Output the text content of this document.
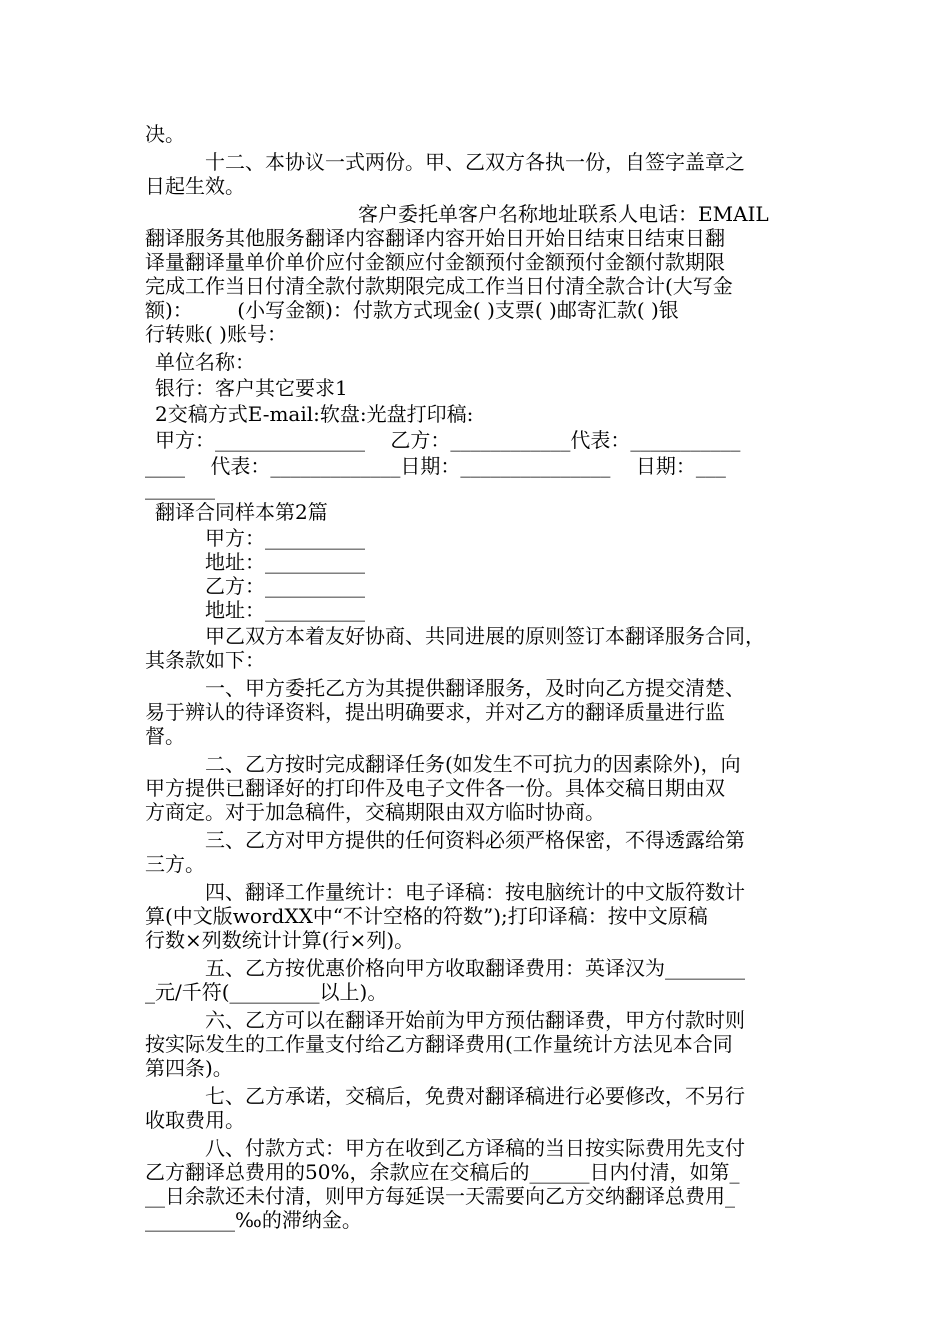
决。
十二、本协议一式两份。甲、乙双方各执一份，自签字盖章之
日起生效。
客户委托单客户名称地址联系人电话：EMAIL
翻译服务其他服务翻译内容翻译内容开始日开始日结束日结束日翻
译量翻译量单价单价应付金额应付金额预付金额预付金额付款期限
完成工作当日付清全款付款期限完成工作当日付清全款合计(大写金
额)：       (小写金额)：付款方式现金( )支票( )邮寄汇款( )银
行转账( )账号：
单位名称：
银行：客户其它要求1
2交稿方式E-mail:软盘:光盘打印稿:
甲方：_______________    乙方：____________代表：___________
____    代表：_____________日期：_______________    日期：___
_______
翻译合同样本第2篇
甲方：__________
地址：__________
乙方：__________
地址：__________
甲乙双方本着友好协商、共同进展的原则签订本翻译服务合同，
其条款如下：
一、甲方委托乙方为其提供翻译服务，及时向乙方提交清楚、
易于辨认的待译资料，提出明确要求，并对乙方的翻译质量进行监
督。
二、乙方按时完成翻译任务(如发生不可抗力的因素除外)，向
甲方提供已翻译好的打印件及电子文件各一份。具体交稿日期由双
方商定。对于加急稿件，交稿期限由双方临时协商。
三、乙方对甲方提供的任何资料必须严格保密，不得透露给第
三方。
四、翻译工作量统计：电子译稿：按电脑统计的中文版符数计
算(中文版wordXX中“不计空格的符数”);打印译稿：按中文原稿
行数×列数统计计算(行×列)。
五、乙方按优惠价格向甲方收取翻译费用：英译汉为________
_元/千符(_________以上)。
六、乙方可以在翻译开始前为甲方预估翻译费，甲方付款时则
按实际发生的工作量支付给乙方翻译费用(工作量统计方法见本合同
第四条)。
七、乙方承诺，交稿后，免费对翻译稿进行必要修改，不另行
收取费用。
八、付款方式：甲方在收到乙方译稿的当日按实际费用先支付
乙方翻译总费用的50%，余款应在交稿后的______日内付清，如第_
__日余款还未付清，则甲方每延误一天需要向乙方交纳翻译总费用_
_________‰的滞纳金。
